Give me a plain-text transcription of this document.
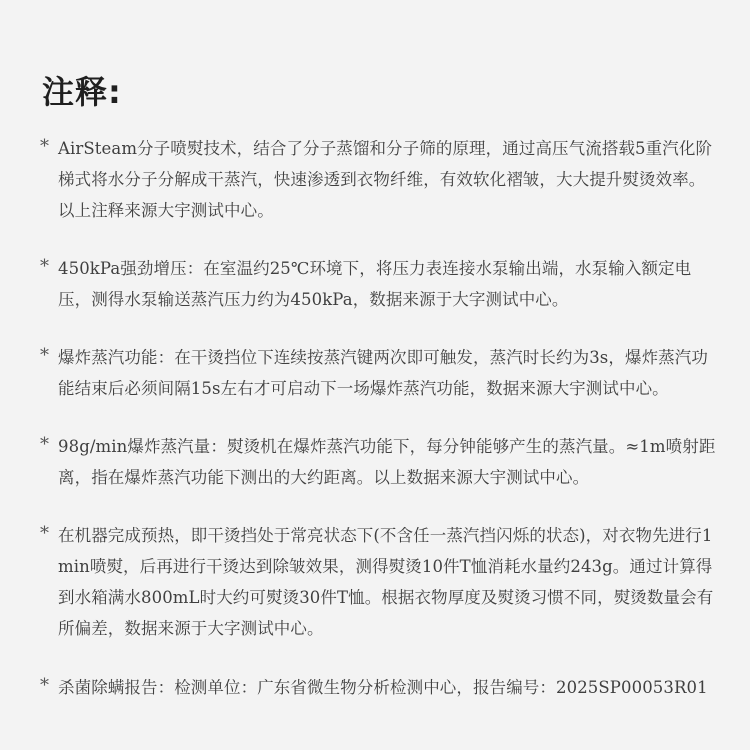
注释:
* AirSteam分子喷熨技术，结合了分子蒸馏和分子筛的原理，通过高压气流搭载5重汽化阶梯式将水分子分解成干蒸汽，快速渗透到衣物纤维，有效软化褶皱，大大提升熨烫效率。以上注释来源大宇测试中心。
* 450kPa强劲增压：在室温约25℃环境下，将压力表连接水泵输出端，水泵输入额定电压，测得水泵输送蒸汽压力约为450kPa，数据来源于大字测试中心。
* 爆炸蒸汽功能：在干烫挡位下连续按蒸汽键两次即可触发，蒸汽时长约为3s，爆炸蒸汽功能结束后必须间隔15s左右才可启动下一场爆炸蒸汽功能，数据来源大宇测试中心。
* 98g/min爆炸蒸汽量：熨烫机在爆炸蒸汽功能下，每分钟能够产生的蒸汽量。≈1m喷射距离，指在爆炸蒸汽功能下测出的大约距离。以上数据来源大宇测试中心。
* 在机器完成预热，即干烫挡处于常亮状态下(不含任一蒸汽挡闪烁的状态)，对衣物先进行1min喷熨，后再进行干烫达到除皱效果，测得熨烫10件T恤消耗水量约243g。通过计算得到水箱满水800mL时大约可熨烫30件T恤。根据衣物厚度及熨烫习惯不同，熨烫数量会有所偏差，数据来源于大字测试中心。
* 杀菌除螨报告：检测单位：广东省微生物分析检测中心，报告编号：2025SP00053R01
